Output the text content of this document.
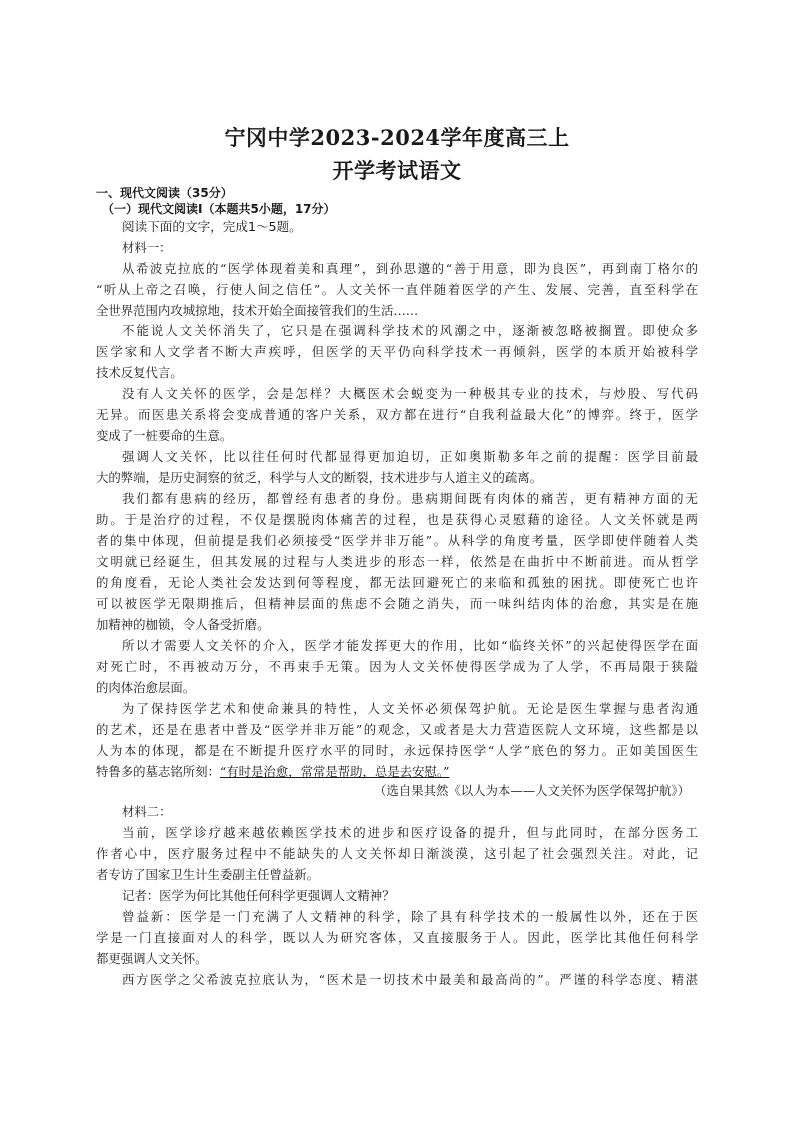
宁冈中学2023-2024学年度高三上
开学考试语文
一、现代文阅读（35分）
（一）现代文阅读Ⅰ（本题共5小题，17分）
阅读下面的文字，完成1～5题。
材料一：
从希波克拉底的“医学体现着美和真理”，到孙思邈的“善于用意，即为良医”，再到南丁格尔的
“听从上帝之召唤，行使人间之信任”。人文关怀一直伴随着医学的产生、发展、完善，直至科学在
全世界范围内攻城掠地，技术开始全面接管我们的生活……
不能说人文关怀消失了，它只是在强调科学技术的风潮之中，逐渐被忽略被搁置。即使众多
医学家和人文学者不断大声疾呼，但医学的天平仍向科学技术一再倾斜，医学的本质开始被科学
技术反复代言。
没有人文关怀的医学，会是怎样？大概医术会蜕变为一种极其专业的技术，与炒股、写代码
无异。而医患关系将会变成普通的客户关系，双方都在进行“自我利益最大化”的博弈。终于，医学
变成了一桩要命的生意。
强调人文关怀，比以往任何时代都显得更加迫切，正如奥斯勒多年之前的提醒：医学目前最
大的弊端，是历史洞察的贫乏，科学与人文的断裂，技术进步与人道主义的疏离。
我们都有患病的经历，都曾经有患者的身份。患病期间既有肉体的痛苦，更有精神方面的无
助。于是治疗的过程，不仅是摆脱肉体痛苦的过程，也是获得心灵慰藉的途径。人文关怀就是两
者的集中体现，但前提是我们必须接受“医学并非万能”。从科学的角度考量，医学即使伴随着人类
文明就已经诞生，但其发展的过程与人类进步的形态一样，依然是在曲折中不断前进。而从哲学
的角度看，无论人类社会发达到何等程度，都无法回避死亡的来临和孤独的困扰。即使死亡也许
可以被医学无限期推后，但精神层面的焦虑不会随之消失，而一味纠结肉体的治愈，其实是在施
加精神的枷锁，令人备受折磨。
所以才需要人文关怀的介入，医学才能发挥更大的作用，比如“临终关怀”的兴起使得医学在面
对死亡时，不再被动万分，不再束手无策。因为人文关怀使得医学成为了人学，不再局限于狭隘
的肉体治愈层面。
为了保持医学艺术和使命兼具的特性，人文关怀必须保驾护航。无论是医生掌握与患者沟通
的艺术，还是在患者中普及“医学并非万能”的观念，又或者是大力营造医院人文环境，这些都是以
人为本的体现，都是在不断提升医疗水平的同时，永远保持医学“人学”底色的努力。正如美国医生
特鲁多的墓志铭所刻：“有时是治愈，常常是帮助，总是去安慰。”
（选自果其然《以人为本——人文关怀为医学保驾护航》）
材料二：
当前，医学诊疗越来越依赖医学技术的进步和医疗设备的提升，但与此同时，在部分医务工
作者心中，医疗服务过程中不能缺失的人文关怀却日渐淡漠，这引起了社会强烈关注。对此，记
者专访了国家卫生计生委副主任曾益新。
记者：医学为何比其他任何科学更强调人文精神？
曾益新：医学是一门充满了人文精神的科学，除了具有科学技术的一般属性以外，还在于医
学是一门直接面对人的科学，既以人为研究客体，又直接服务于人。因此，医学比其他任何科学
都更强调人文关怀。
西方医学之父希波克拉底认为，“医术是一切技术中最美和最高尚的”。严谨的科学态度、精湛
